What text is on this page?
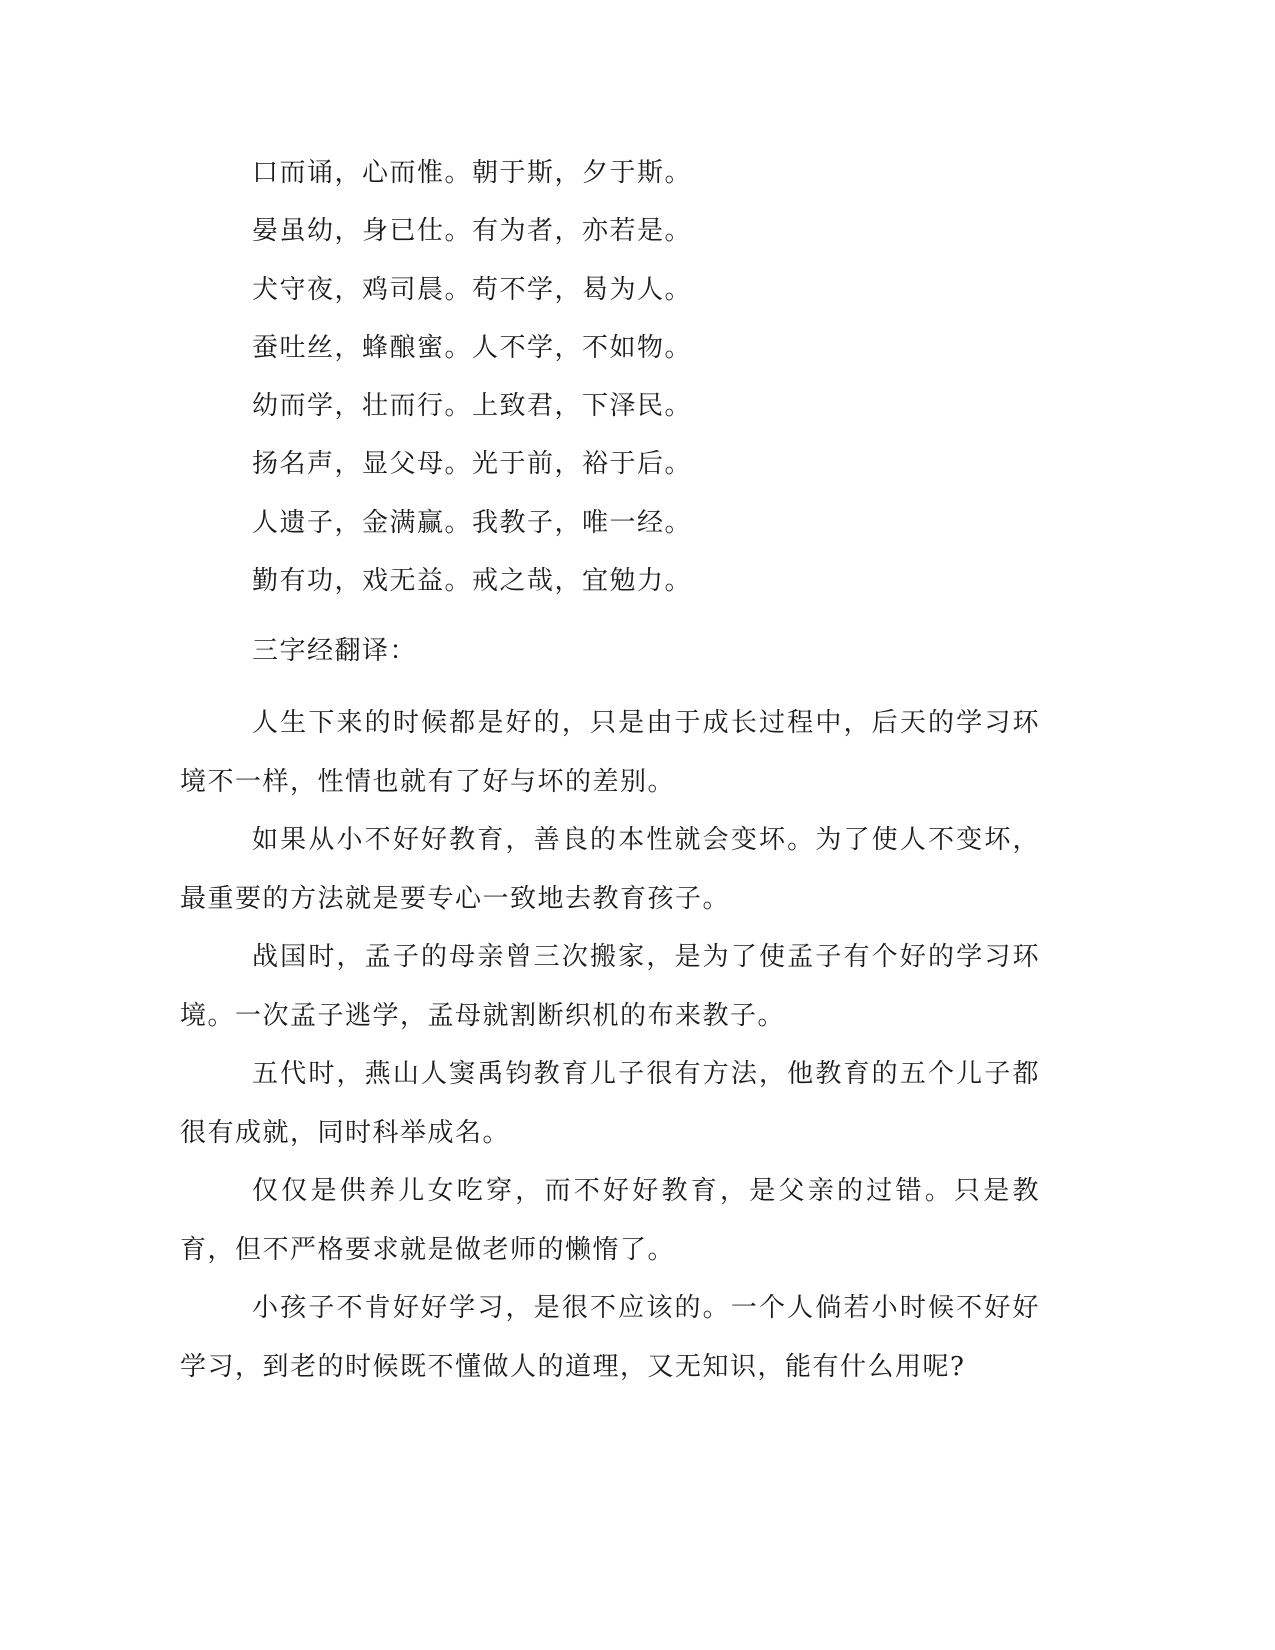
口而诵，心而惟。朝于斯，夕于斯。

晏虽幼，身已仕。有为者，亦若是。

犬守夜，鸡司晨。苟不学，曷为人。

蚕吐丝，蜂酿蜜。人不学，不如物。

幼而学，壮而行。上致君，下泽民。

扬名声，显父母。光于前，裕于后。

人遗子，金满赢。我教子，唯一经。

勤有功，戏无益。戒之哉，宜勉力。

三字经翻译：

人生下来的时候都是好的，只是由于成长过程中，后天的学习环境不一样，性情也就有了好与坏的差别。

如果从小不好好教育，善良的本性就会变坏。为了使人不变坏，最重要的方法就是要专心一致地去教育孩子。

战国时，孟子的母亲曾三次搬家，是为了使孟子有个好的学习环境。一次孟子逃学，孟母就割断织机的布来教子。

五代时，燕山人窦禹钧教育儿子很有方法，他教育的五个儿子都很有成就，同时科举成名。

仅仅是供养儿女吃穿，而不好好教育，是父亲的过错。只是教育，但不严格要求就是做老师的懒惰了。

小孩子不肯好好学习，是很不应该的。一个人倘若小时候不好好学习，到老的时候既不懂做人的道理，又无知识，能有什么用呢?
